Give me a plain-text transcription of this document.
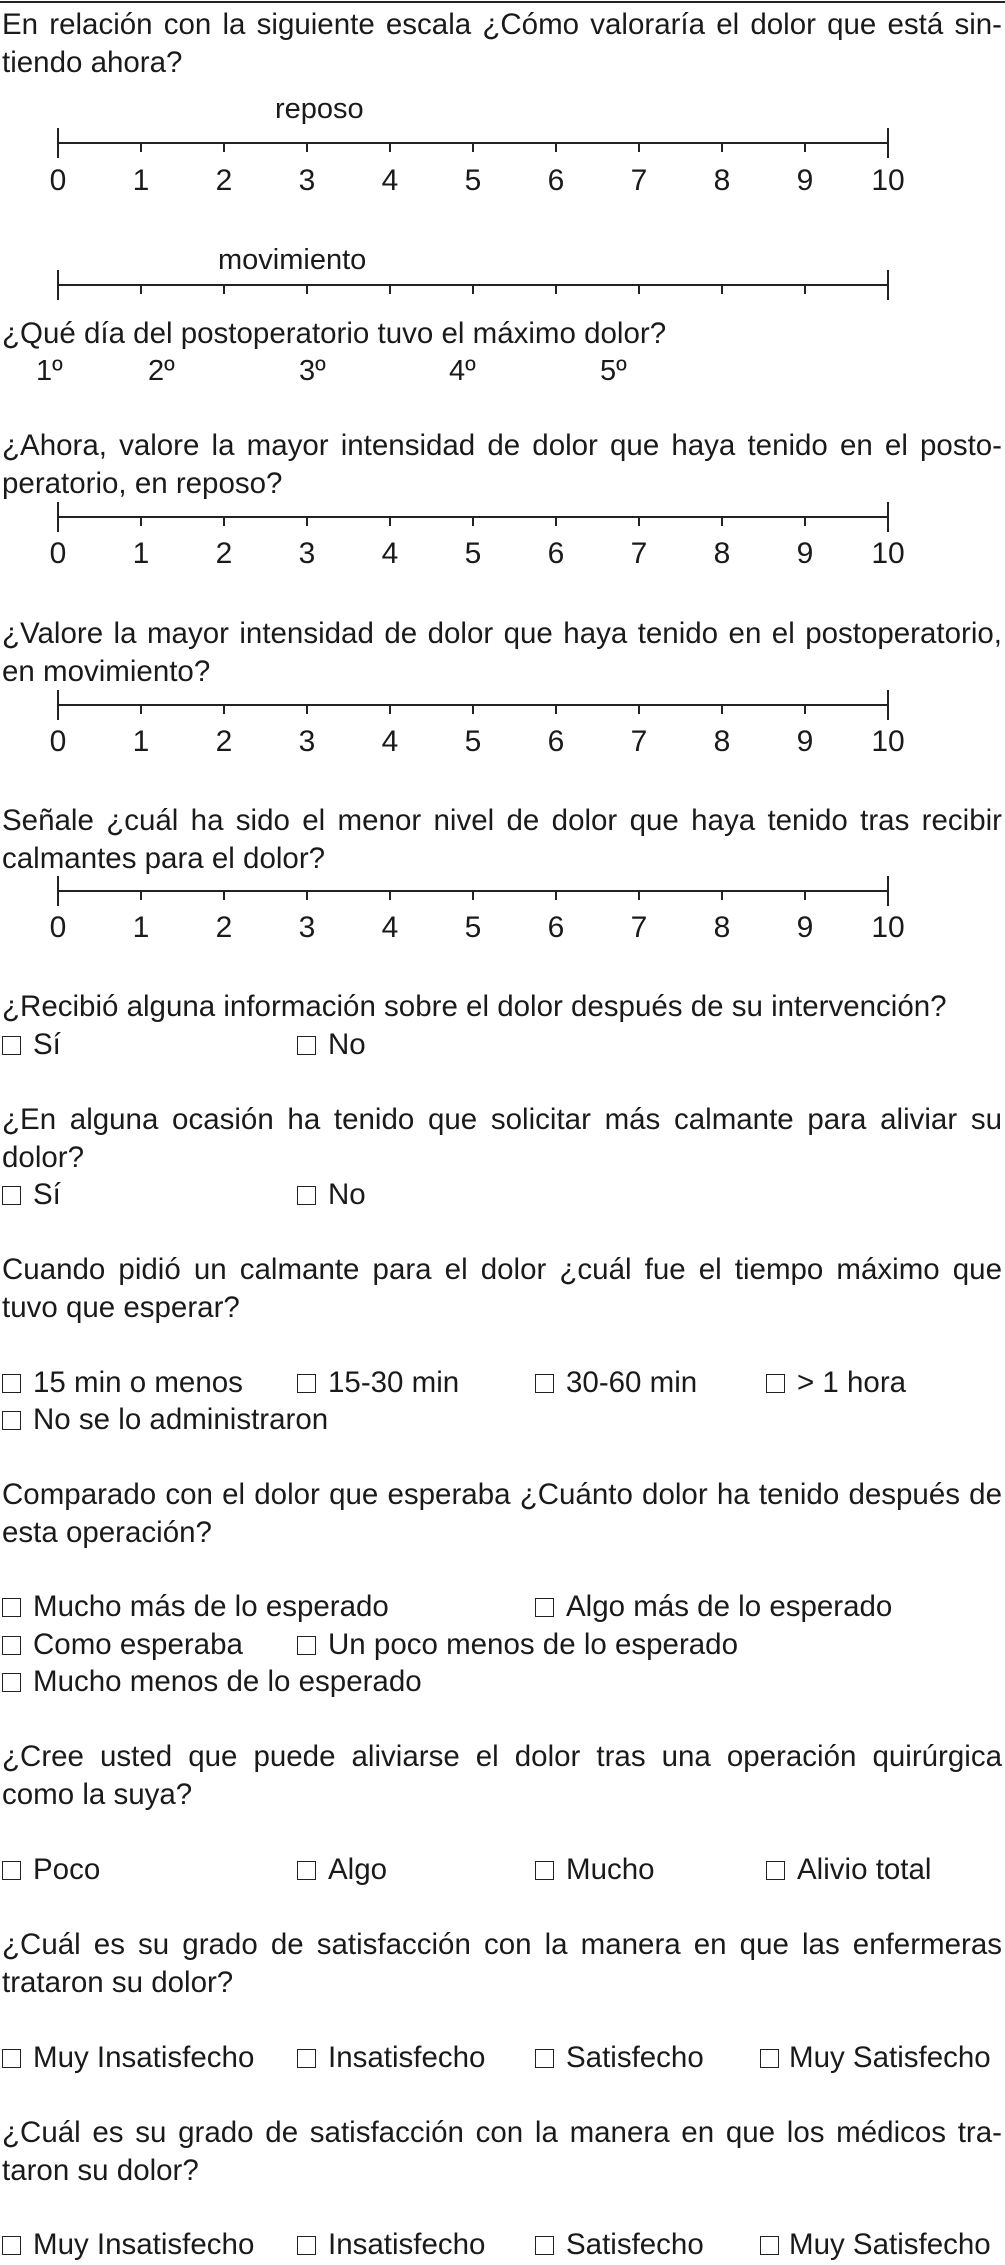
En relación con la siguiente escala ¿Cómo valoraría el dolor que está sintiendo ahora?
reposo
0 1 2 3 4 5 6 7 8 9 10
movimiento
¿Qué día del postoperatorio tuvo el máximo dolor?
1º	2º	3º	4º	5º
¿Ahora, valore la mayor intensidad de dolor que haya tenido en el postoperatorio, en reposo?
0 1 2 3 4 5 6 7 8 9 10
¿Valore la mayor intensidad de dolor que haya tenido en el postoperatorio, en movimiento?
0 1 2 3 4 5 6 7 8 9 10
Señale ¿cuál ha sido el menor nivel de dolor que haya tenido tras recibir calmantes para el dolor?
0 1 2 3 4 5 6 7 8 9 10
¿Recibió alguna información sobre el dolor después de su intervención?
Sí	No
¿En alguna ocasión ha tenido que solicitar más calmante para aliviar su dolor?
Sí	No
Cuando pidió un calmante para el dolor ¿cuál fue el tiempo máximo que tuvo que esperar?
15 min o menos	15-30 min	30-60 min	> 1 hora
No se lo administraron
Comparado con el dolor que esperaba ¿Cuánto dolor ha tenido después de esta operación?
Mucho más de lo esperado	Algo más de lo esperado
Como esperaba	Un poco menos de lo esperado
Mucho menos de lo esperado
¿Cree usted que puede aliviarse el dolor tras una operación quirúrgica como la suya?
Poco	Algo	Mucho	Alivio total
¿Cuál es su grado de satisfacción con la manera en que las enfermeras trataron su dolor?
Muy Insatisfecho Insatisfecho	Satisfecho	Muy Satisfecho
¿Cuál es su grado de satisfacción con la manera en que los médicos trataron su dolor?
Muy Insatisfecho Insatisfecho	Satisfecho	Muy Satisfecho
